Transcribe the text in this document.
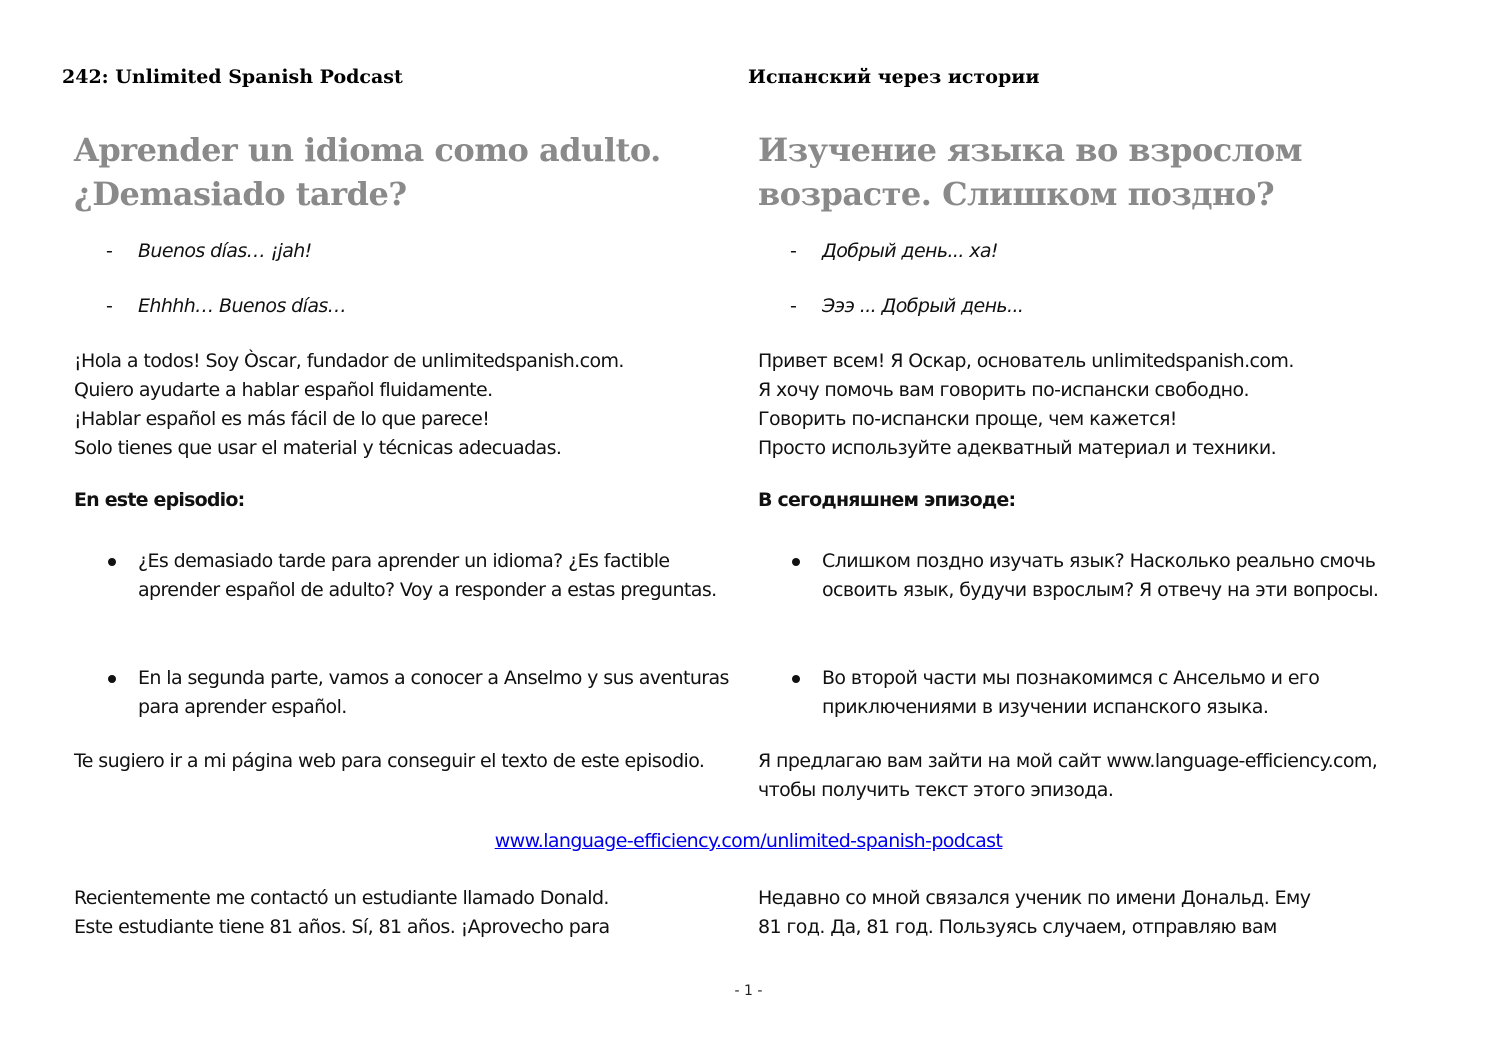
242: Unlimited Spanish Podcast	Испанский через истории
Aprender un idioma como adulto.
¿Demasiado tarde?

- Buenos días… ¡jah!

- Ehhhh… Buenos días…

¡Hola a todos! Soy Òscar, fundador de unlimitedspanish.com.
Quiero ayudarte a hablar español fluidamente.
¡Hablar español es más fácil de lo que parece!
Solo tienes que usar el material y técnicas adecuadas.

En este episodio:

¿Es demasiado tarde para aprender un idioma? ¿Es factible aprender español de adulto? Voy a responder a estas preguntas.

En la segunda parte, vamos a conocer a Anselmo y sus aventuras para aprender español.

Te sugiero ir a mi página web para conseguir el texto de este episodio.

Recientemente me contactó un estudiante llamado Donald.
Este estudiante tiene 81 años. Sí, 81 años. ¡Aprovecho para

Изучение языка во взрослом
возрасте. Слишком поздно?

- Добрый день... ха!

- Эээ ... Добрый день...

Привет всем! Я Оскар, основатель unlimitedspanish.com.
Я хочу помочь вам говорить по-испански свободно.
Говорить по-испански проще, чем кажется!
Просто используйте адекватный материал и техники.

В сегодняшнем эпизоде:

Слишком поздно изучать язык? Насколько реально смочь освоить язык, будучи взрослым? Я отвечу на эти вопросы.

Во второй части мы познакомимся с Ансельмо и его приключениями в изучении испанского языка.

Я предлагаю вам зайти на мой сайт www.language-efficiency.com, чтобы получить текст этого эпизода.

Недавно со мной связался ученик по имени Дональд. Ему
81 год. Да, 81 год. Пользуясь случаем, отправляю вам

www.language-efficiency.com/unlimited-spanish-podcast
- 1 -
